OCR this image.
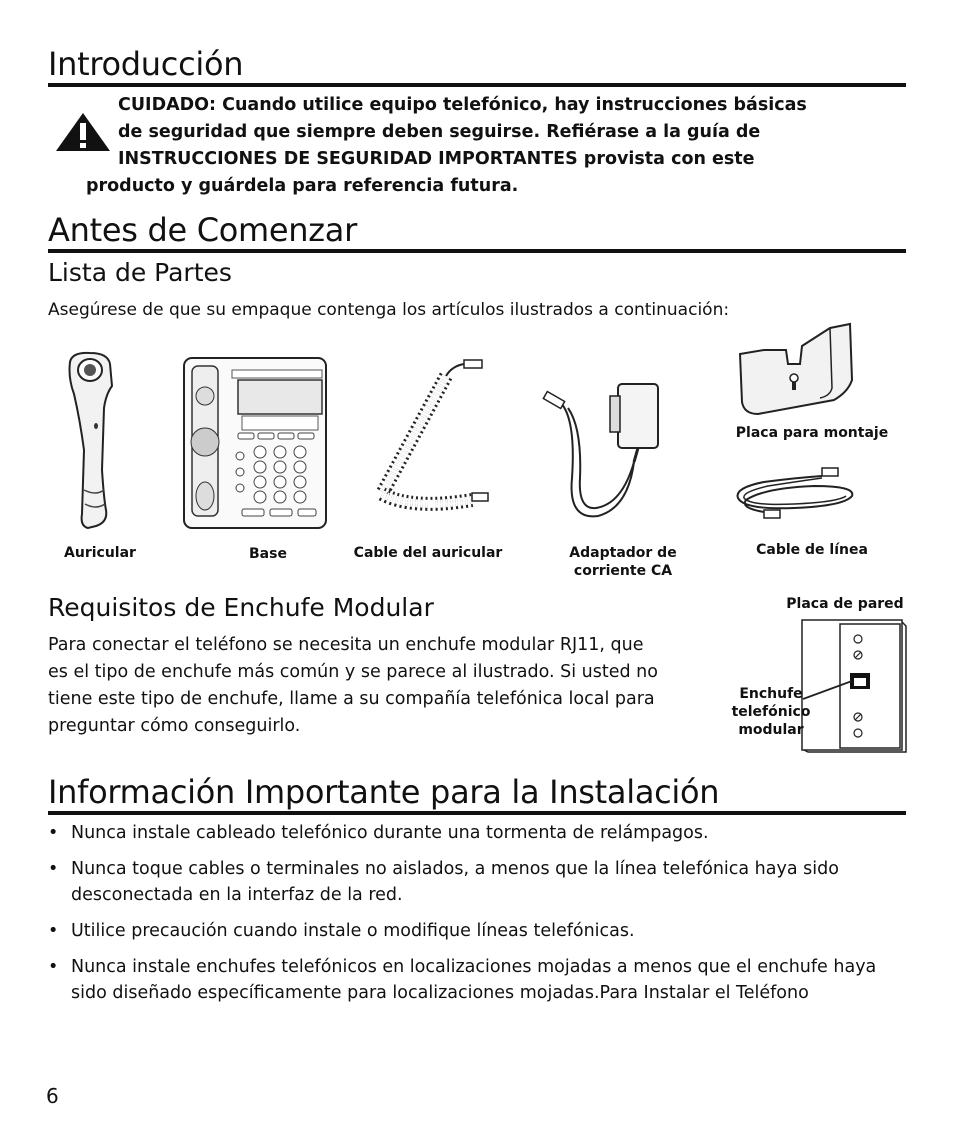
Introducción
CUIDADO: Cuando utilice equipo telefónico, hay instrucciones básicas
de seguridad que siempre deben seguirse. Refiérase a la guía de
INSTRUCCIONES DE SEGURIDAD IMPORTANTES provista con este
producto y guárdela para referencia futura.
Antes de Comenzar
Lista de Partes
Asegúrese de que su empaque contenga los artículos ilustrados a continuación:
Auricular	Base	Cable del auricular	Adaptador de
corriente CA
Placa para montaje
Cable de línea
Requisitos de Enchufe Modular
Para conectar el teléfono se necesita un enchufe modular RJ11, que
es el tipo de enchufe más común y se parece al ilustrado. Si usted no
tiene este tipo de enchufe, llame a su compañía telefónica local para
preguntar cómo conseguirlo.
Placa de pared
Enchufe
telefónico
modular
Información Importante para la Instalación
• Nunca instale cableado telefónico durante una tormenta de relámpagos.
• Nunca toque cables o terminales no aislados, a menos que la línea telefónica haya sido desconectada en la interfaz de la red.
• Utilice precaución cuando instale o modifique líneas telefónicas.
• Nunca instale enchufes telefónicos en localizaciones mojadas a menos que el enchufe haya sido diseñado específicamente para localizaciones mojadas.Para Instalar el Teléfono
6
